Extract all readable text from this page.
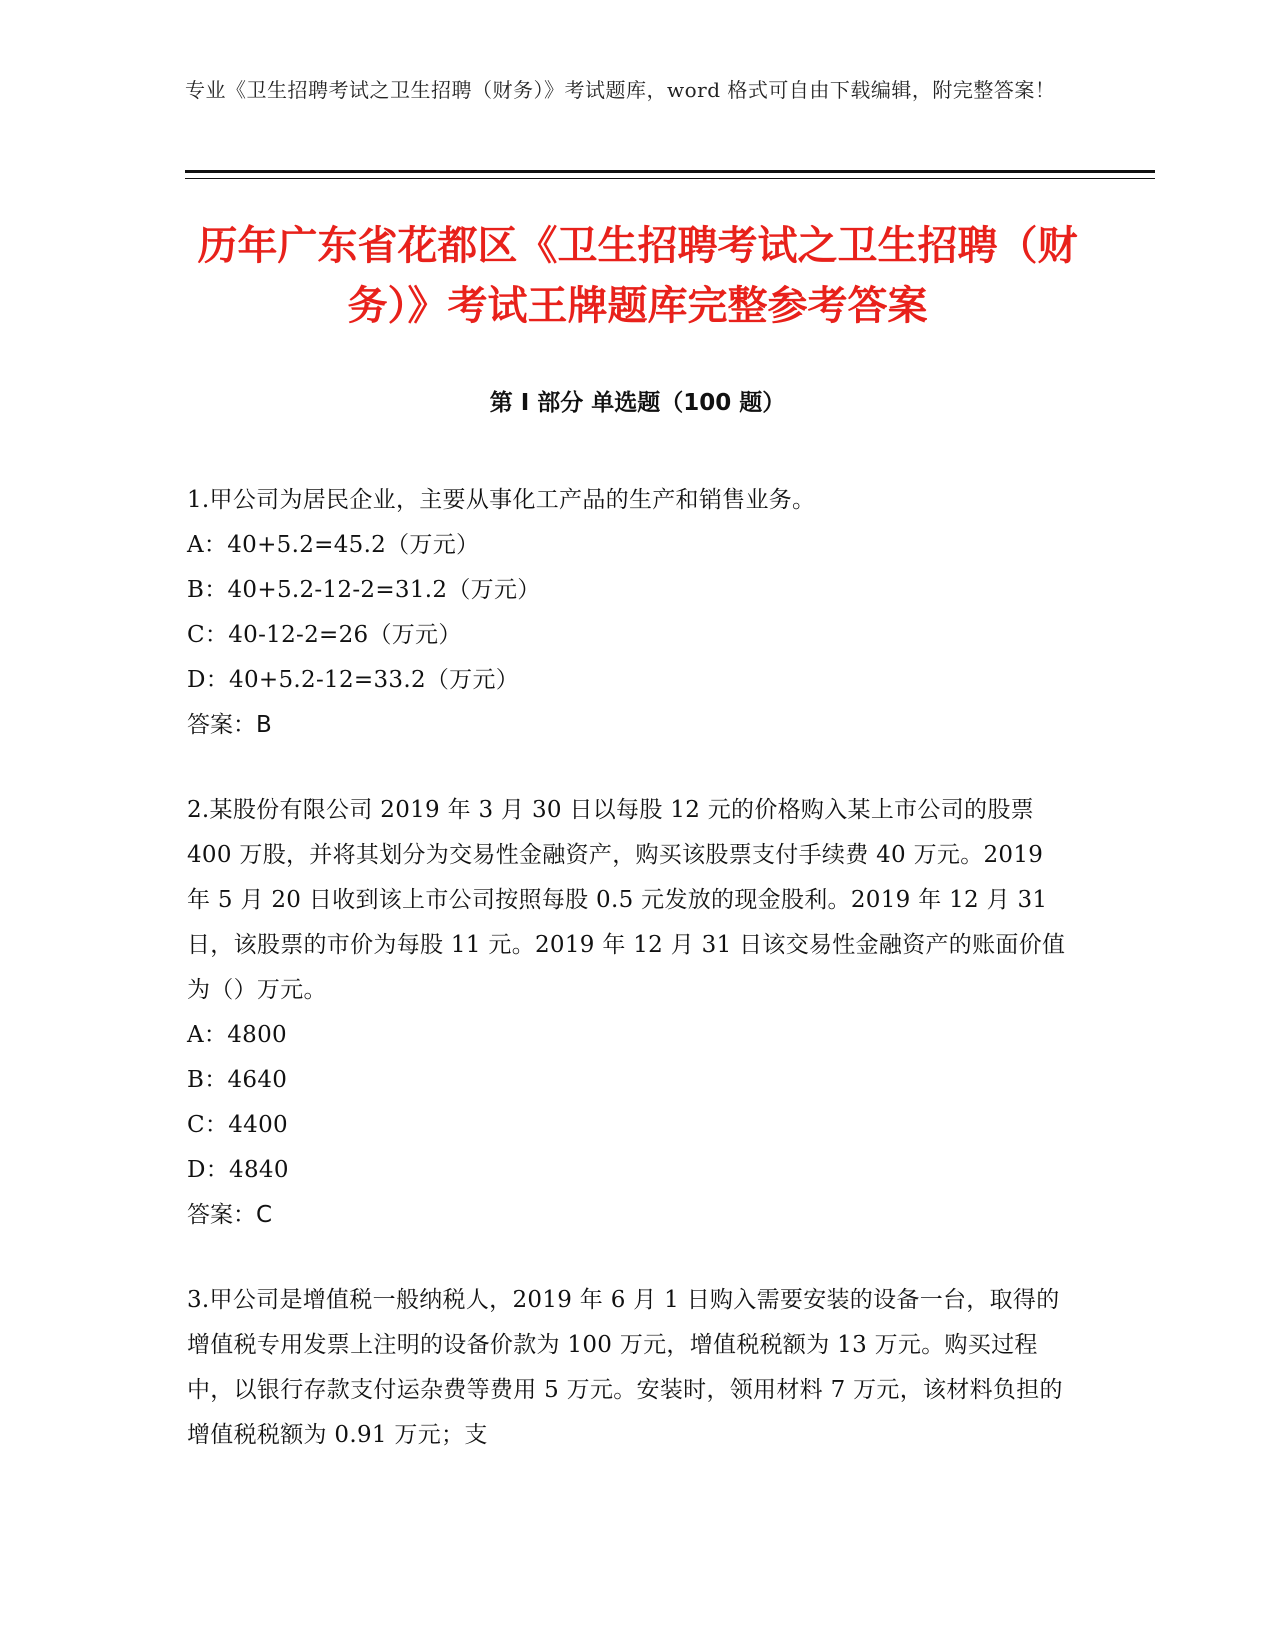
专业《卫生招聘考试之卫生招聘（财务）》考试题库，word 格式可自由下载编辑，附完整答案！
历年广东省花都区《卫生招聘考试之卫生招聘（财务）》考试王牌题库完整参考答案
第 I 部分 单选题（100 题）
1.甲公司为居民企业，主要从事化工产品的生产和销售业务。
A：40+5.2=45.2（万元）
B：40+5.2-12-2=31.2（万元）
C：40-12-2=26（万元）
D：40+5.2-12=33.2（万元）
答案：B
2.某股份有限公司 2019 年 3 月 30 日以每股 12 元的价格购入某上市公司的股票 400 万股，并将其划分为交易性金融资产，购买该股票支付手续费 40 万元。2019 年 5 月 20 日收到该上市公司按照每股 0.5 元发放的现金股利。2019 年 12 月 31 日，该股票的市价为每股 11 元。2019 年 12 月 31 日该交易性金融资产的账面价值为（）万元。
A：4800
B：4640
C：4400
D：4840
答案：C
3.甲公司是增值税一般纳税人，2019 年 6 月 1 日购入需要安装的设备一台，取得的增值税专用发票上注明的设备价款为 100 万元，增值税税额为 13 万元。购买过程中，以银行存款支付运杂费等费用 5 万元。安装时，领用材料 7 万元，该材料负担的增值税税额为 0.91 万元；支
